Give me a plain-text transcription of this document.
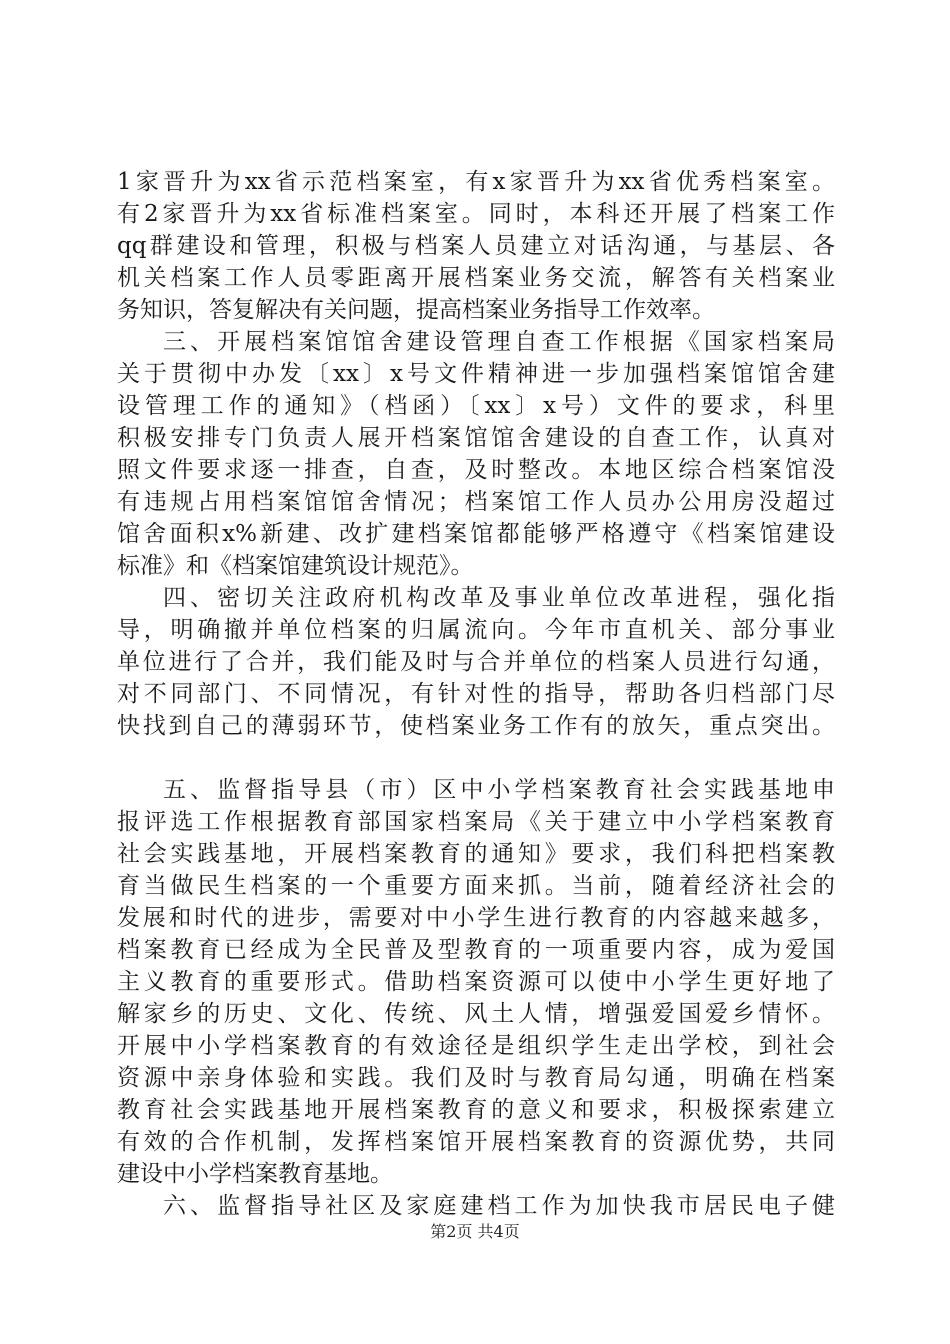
1家晋升为xx省示范档案室，有x家晋升为xx省优秀档案室。
有2家晋升为xx省标准档案室。同时，本科还开展了档案工作
qq群建设和管理，积极与档案人员建立对话沟通，与基层、各
机关档案工作人员零距离开展档案业务交流，解答有关档案业
务知识，答复解决有关问题，提高档案业务指导工作效率。
三、开展档案馆馆舍建设管理自查工作根据《国家档案局
关于贯彻中办发〔xx〕x号文件精神进一步加强档案馆馆舍建
设管理工作的通知》（档函）〔xx〕x号）文件的要求，科里
积极安排专门负责人展开档案馆馆舍建设的自查工作，认真对
照文件要求逐一排查，自查，及时整改。本地区综合档案馆没
有违规占用档案馆馆舍情况；档案馆工作人员办公用房没超过
馆舍面积x%新建、改扩建档案馆都能够严格遵守《档案馆建设
标准》和《档案馆建筑设计规范》。
四、密切关注政府机构改革及事业单位改革进程，强化指
导，明确撤并单位档案的归属流向。今年市直机关、部分事业
单位进行了合并，我们能及时与合并单位的档案人员进行勾通，
对不同部门、不同情况，有针对性的指导，帮助各归档部门尽
快找到自己的薄弱环节，使档案业务工作有的放矢，重点突出。
五、监督指导县（市）区中小学档案教育社会实践基地申
报评选工作根据教育部国家档案局《关于建立中小学档案教育
社会实践基地，开展档案教育的通知》要求，我们科把档案教
育当做民生档案的一个重要方面来抓。当前，随着经济社会的
发展和时代的进步，需要对中小学生进行教育的内容越来越多，
档案教育已经成为全民普及型教育的一项重要内容，成为爱国
主义教育的重要形式。借助档案资源可以使中小学生更好地了
解家乡的历史、文化、传统、风土人情，增强爱国爱乡情怀。
开展中小学档案教育的有效途径是组织学生走出学校，到社会
资源中亲身体验和实践。我们及时与教育局勾通，明确在档案
教育社会实践基地开展档案教育的意义和要求，积极探索建立
有效的合作机制，发挥档案馆开展档案教育的资源优势，共同
建设中小学档案教育基地。
六、监督指导社区及家庭建档工作为加快我市居民电子健
第2页 共4页
